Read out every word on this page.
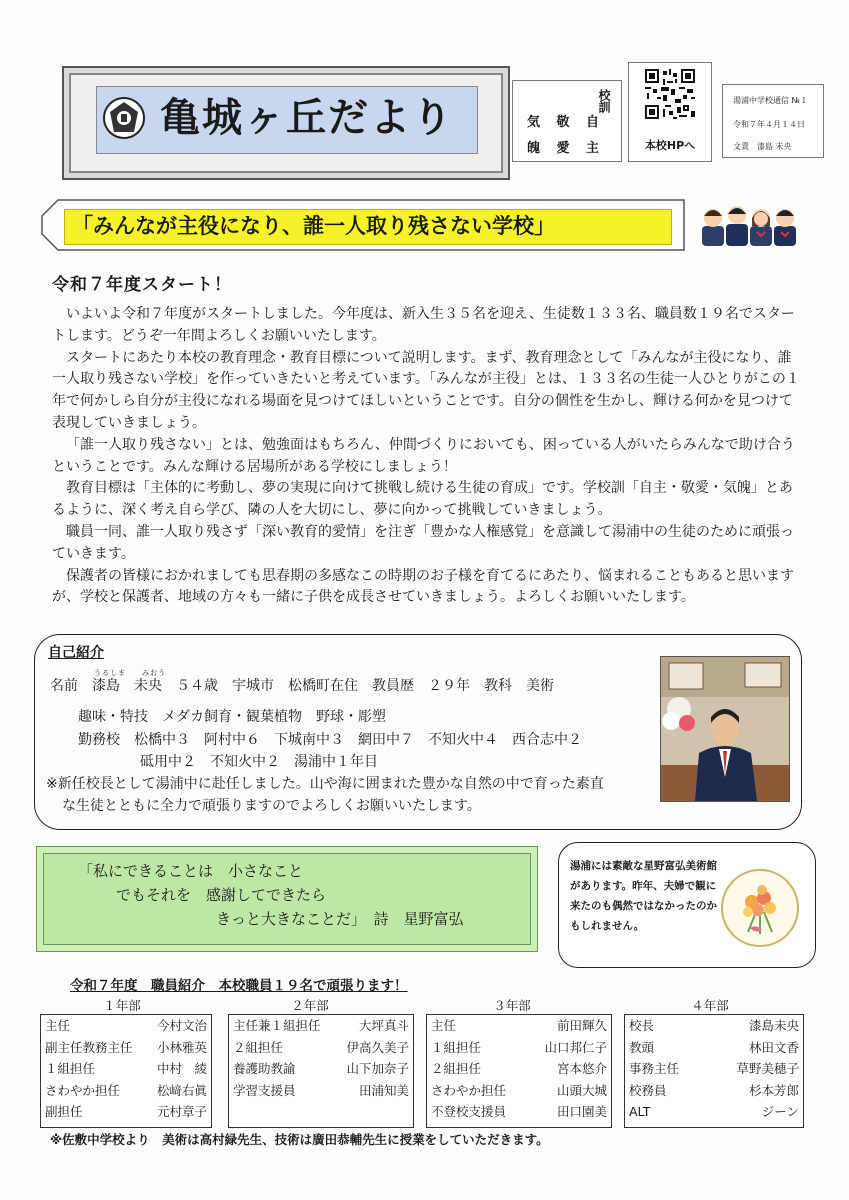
亀城ヶ丘だより	校訓
気 敬 自
魄 愛 主	本校HPへ
湯浦中学校通信 №１
令和７年４月１４日
文責　漆島 未央
「みんなが主役になり、誰一人取り残さない学校」
令和７年度スタート！

いよいよ令和７年度がスタートしました。今年度は、新入生３５名を迎え、生徒数１３３名、職員数１９名でスタートします。どうぞ一年間よろしくお願いいたします。

スタートにあたり本校の教育理念・教育目標について説明します。まず、教育理念として「みんなが主役になり、誰一人取り残さない学校」を作っていきたいと考えています。「みんなが主役」とは、１３３名の生徒一人ひとりがこの１年で何かしら自分が主役になれる場面を見つけてほしいということです。自分の個性を生かし、輝ける何かを見つけて表現していきましょう。

「誰一人取り残さない」とは、勉強面はもちろん、仲間づくりにおいても、困っている人がいたらみんなで助け合うということです。みんな輝ける居場所がある学校にしましょう！

教育目標は「主体的に考動し、夢の実現に向けて挑戦し続ける生徒の育成」です。学校訓「自主・敬愛・気魄」とあるように、深く考え自ら学び、隣の人を大切にし、夢に向かって挑戦していきましょう。

職員一同、誰一人取り残さず「深い教育的愛情」を注ぎ「豊かな人権感覚」を意識して湯浦中の生徒のために頑張っていきます。

保護者の皆様におかれましても思春期の多感なこの時期のお子様を育てるにあたり、悩まれることもあると思いますが、学校と保護者、地域の方々も一緒に子供を成長させていきましょう。よろしくお願いいたします。

自己紹介
うるしま みおう
名前　漆島　未央　５４歳　宇城市　松橋町在住　教員歴　２９年　教科　美術
趣味・特技　メダカ飼育・観葉植物　野球・彫塑
勤務校　松橋中３　阿村中６　下城南中３　網田中７　不知火中４　西合志中２
砥用中２　不知火中２　湯浦中１年目
※新任校長として湯浦中に赴任しました。山や海に囲まれた豊かな自然の中で育った素直
な生徒とともに全力で頑張りますのでよろしくお願いいたします。
「私にできることは　小さなこと
でもそれを　感謝してできたら
きっと大きなことだ」　詩　星野富弘
湯浦には素敵な星野富弘美術館があります。昨年、夫婦で観に来たのも偶然ではなかったのかもしれません。
令和７年度　職員紹介　本校職員１９名で頑張ります！
１年部	２年部	３年部	４年部
主任	今村文治
副主任教務主任 小林雅英
１組担任	中村　綾
さわやか担任	松﨑右眞
副担任	元村章子
主任兼１組担任	大坪真斗
２組担任	伊高久美子
養護助教諭	山下加奈子
学習支援員	田浦知美
主任	前田輝久
１組担任	山口邦仁子
２組担任	宮本悠介
さわやか担任	山頭大城
不登校支援員	田口園美
校長	漆島未央
教頭	林田文香
事務主任	草野美穂子
校務員	杉本芳郎
ALT	ジーン
※佐敷中学校より　美術は高村緑先生、技術は廣田恭輔先生に授業をしていただきます。
